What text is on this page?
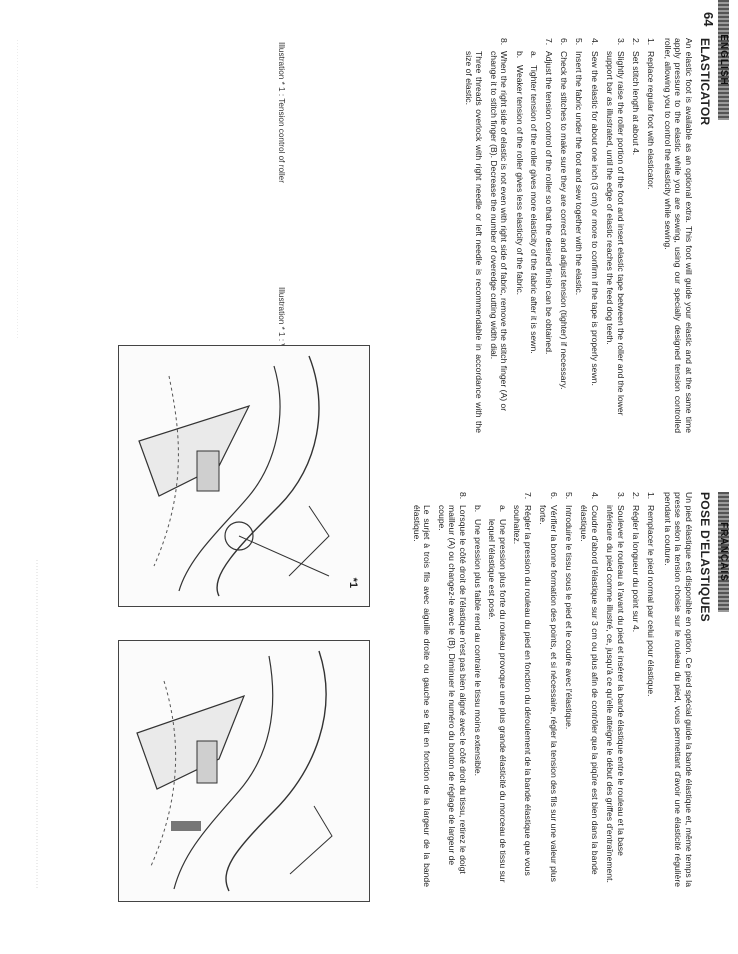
ENGLISH
FRANÇAIS
ELASTICATOR

An elastic foot is available as an optional extra. This foot will guide your elastic and at the same time apply pressure to the elastic while you are sewing, using our specially designed tension controlled roller, allowing you to control the elasticity while sewing.

1.
Replace regular foot with elasticator.
2.
Set stitch length at about 4.
3.
Slightly raise the roller portion of the foot and insert elastic tape between the roller and the lower support bar as illustrated, until the edge of elastic reaches the feed dog teeth.
4.
Sew the elastic for about one inch (3 cm) or more to confirm if the tape is properly sewn.
5.
Insert the fabric under the foot and sew together with the elastic.
6.
Check the stitches to make sure they are correct and adjust tension (tighter) if necessary.
7.
Adjust the tension control of the roller so that the desired finish can be obtained.
a.
Tighter tension of the roller gives more elasticity of the fabric after it is sewn.
b.
Weaker tension of the roller gives less elasticity of the fabric.
8.
When the right side of elastic is not even with right side of fabric, remove the stitch finger (A) or change it to stitch finger (B). Decrease the number of overedge cutting width dial.

Three threads overlock with right needle or left needle is recommendable in accordance with the size of elastic.

Illustration * 1 : Tension control of roller
POSE D'ELASTIQUES

Un pied élastique est disponible en option. Ce pied spécial guide la bande élastique et, même temps la presse selon la tension choisie sur le rouleau du pied, vous permettant d'avoir une élasticité régulière pendant la couture.

1.
Remplacer le pied normal par celui pour élastique.
2.
Régler la longueur du point sur 4.
3.
Soulever le rouleau à l'avant du pied et insérer la bande élastique entre le rouleau et la base inférieure du pied comme illustré, ce, jusqu'à ce qu'elle atteigne le début des griffes d'entraînement.
4.
Coudre d'abord l'élastique sur 3 cm ou plus afin de contrôler que la piqûre est bien dans la bande élastique.
5.
Introduire le tissu sous le pied et le coudre avec l'élastique.
6.
Vérifier la bonne formation des points, et si nécessaire, régler la tension des fils sur une valeur plus forte.
7.
Régler la pression du rouleau du pied en fonction du déroulement de la bande élastique que vous souhaitez.
a.
Une pression plus forte du rouleau provoque une plus grande élasticité du morceau de tissu sur lequel l'élastique est posé.
b.
Une pression plus faible rend au contraire le tissu moins extensible.
8.
Lorsque le côté droit de l'élastique n'est pas bien aligné avec le côté droit du tissu, retirez le doigt mailleur (A) ou changez-le avec le (B). Diminuer le numéro du bouton de réglage de largeur de coupe.

Le surjet à trois fils avec aiguille droite ou gauche se fait en fonction de la largeur de la bande élastique.

*1
64
